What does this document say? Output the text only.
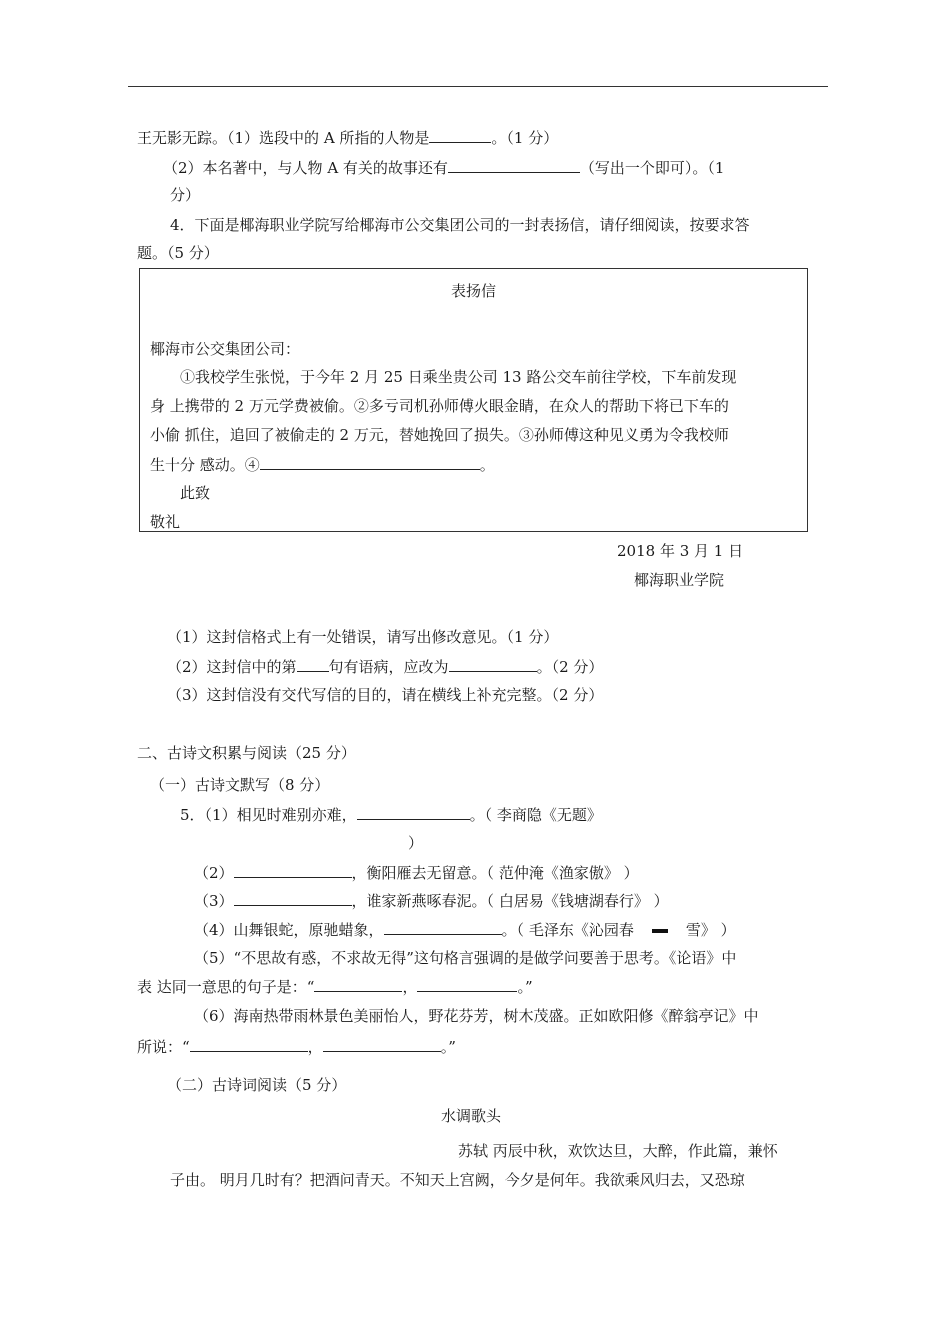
王无影无踪。（1）选段中的 A 所指的人物是	。（1 分）
（2）本名著中，与人物 A 有关的故事还有	（写出一个即可）。（1
分）
4．下面是椰海职业学院写给椰海市公交集团公司的一封表扬信，请仔细阅读，按要求答
题。（5 分）
表扬信
椰海市公交集团公司：
①我校学生张悦，于今年 2 月 25 日乘坐贵公司 13 路公交车前往学校，下车前发现
身 上携带的 2 万元学费被偷。②多亏司机孙师傅火眼金睛，在众人的帮助下将已下车的
小偷 抓住，追回了被偷走的 2 万元，替她挽回了损失。③孙师傅这种见义勇为令我校师
生十分 感动。④	。
此致
敬礼
2018 年 3 月 1 日
椰海职业学院
（1）这封信格式上有一处错误，请写出修改意见。（1 分）
（2）这封信中的第 句有语病，应改为	。（2 分）
（3）这封信没有交代写信的目的，请在横线上补充完整。（2 分）
二、古诗文积累与阅读（25 分）
（一）古诗文默写（8 分）
5．（1）相见时难别亦难，	。（ 李商隐《无题》
）
（2）	，衡阳雁去无留意。（ 范仲淹《渔家傲》 ）
（3）	，谁家新燕啄春泥。（ 白居易《钱塘湖春行》 ）
（4）山舞银蛇，原驰蜡象，	。（ 毛泽东《沁园春	雪》 ）
（5）“不思故有惑，不求故无得”这句格言强调的是做学问要善于思考。《论语》中
表 达同一意思的句子是：“	，	。”
（6）海南热带雨林景色美丽怡人，野花芬芳，树木茂盛。正如欧阳修《醉翁亭记》中
所说：“	，	。”
（二）古诗词阅读（5 分）
水调歌头
苏轼 丙辰中秋，欢饮达旦，大醉，作此篇，兼怀
子由。 明月几时有？把酒问青天。不知天上宫阙，今夕是何年。我欲乘风归去，又恐琼
